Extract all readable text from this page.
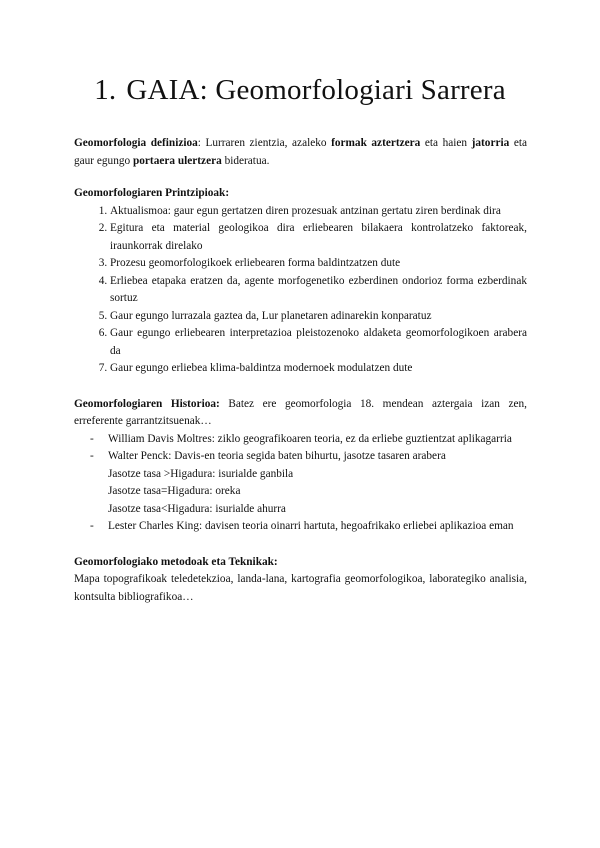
1. GAIA: Geomorfologiari Sarrera

Geomorfologia definizioa: Lurraren zientzia, azaleko formak aztertzera eta haien jatorria eta gaur egungo portaera ulertzera bideratua.

Geomorfologiaren Printzipioak:

1. Aktualismoa: gaur egun gertatzen diren prozesuak antzinan gertatu ziren berdinak dira
2. Egitura eta material geologikoa dira erliebearen bilakaera kontrolatzeko faktoreak, iraunkorrak direlako
3. Prozesu geomorfologikoek erliebearen forma baldintzatzen dute
4. Erliebea etapaka eratzen da, agente morfogenetiko ezberdinen ondorioz forma ezberdinak sortuz
5. Gaur egungo lurrazala gaztea da, Lur planetaren adinarekin konparatuz
6. Gaur egungo erliebearen interpretazioa pleistozenoko aldaketa geomorfologikoen arabera da
7. Gaur egungo erliebea klima-baldintza modernoek modulatzen dute

Geomorfologiaren Historioa: Batez ere geomorfologia 18. mendean aztergaia izan zen, erreferente garrantzitsuenak…

- William Davis Moltres: ziklo geografikoaren teoria, ez da erliebe guztientzat aplikagarria
- Walter Penck: Davis-en teoria segida baten bihurtu, jasotze tasaren arabera
Jasotze tasa >Higadura: isurialde ganbila
Jasotze tasa=Higadura: oreka
Jasotze tasa<Higadura: isurialde ahurra
- Lester Charles King: davisen teoria oinarri hartuta, hegoafrikako erliebei aplikazioa eman

Geomorfologiako metodoak eta Teknikak:

Mapa topografikoak teledetekzioa, landa-lana, kartografia geomorfologikoa, laborategiko analisia, kontsulta bibliografikoa…
